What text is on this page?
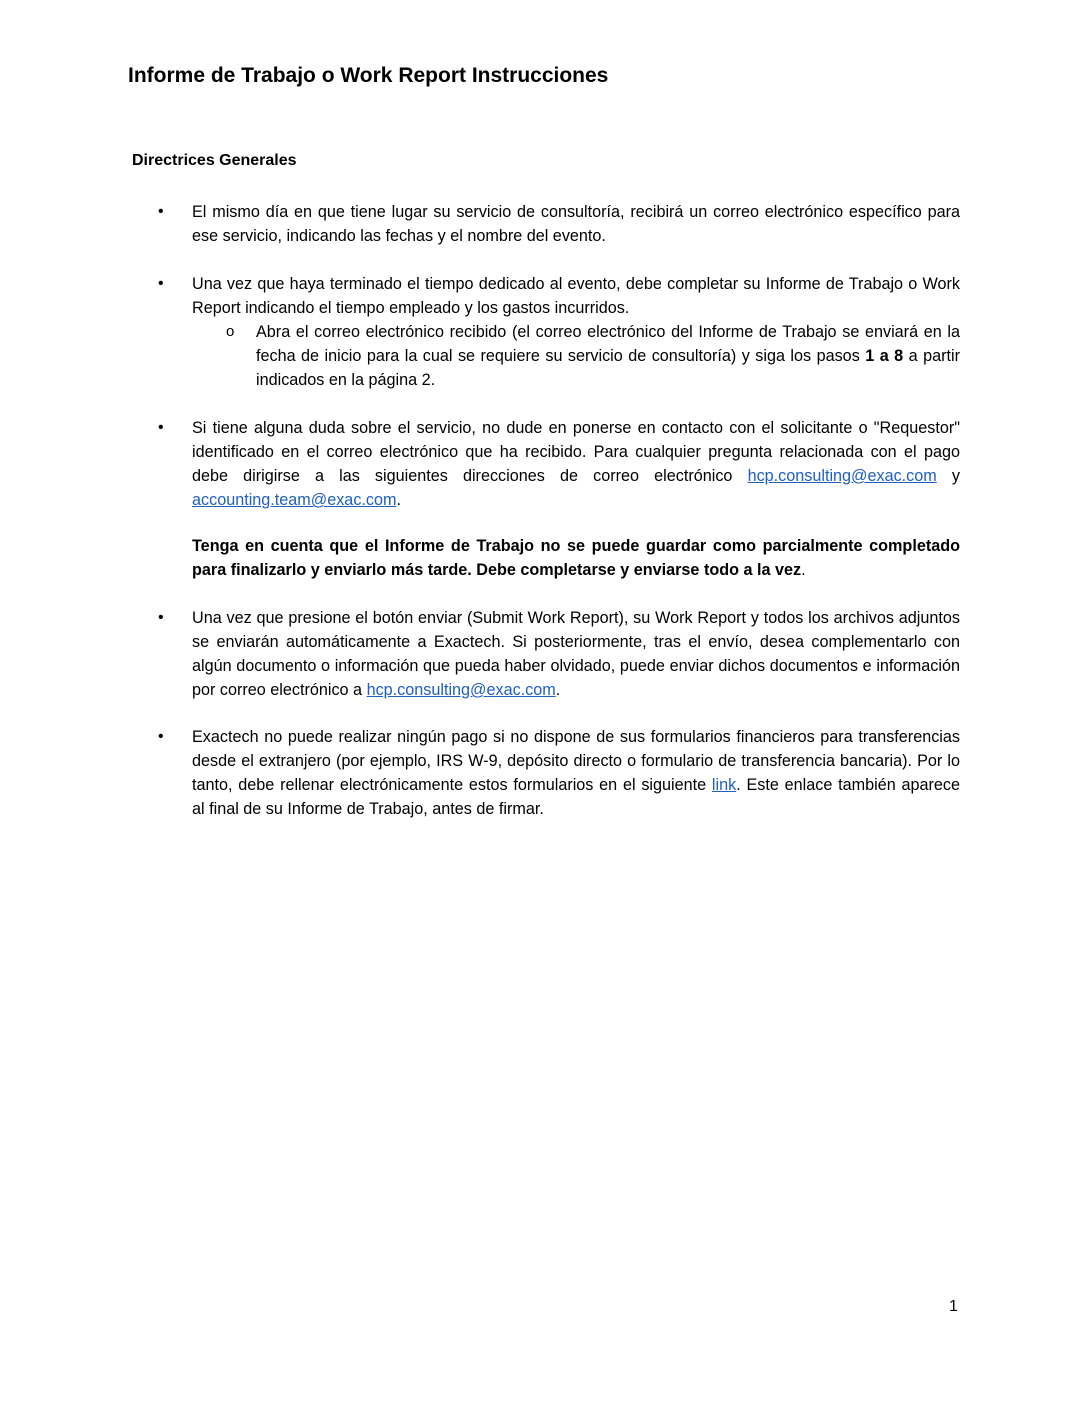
Informe de Trabajo o Work Report Instrucciones
Directrices Generales
• El mismo día en que tiene lugar su servicio de consultoría, recibirá un correo electrónico específico para ese servicio, indicando las fechas y el nombre del evento.

• Una vez que haya terminado el tiempo dedicado al evento, debe completar su Informe de Trabajo o Work Report indicando el tiempo empleado y los gastos incurridos.

o Abra el correo electrónico recibido (el correo electrónico del Informe de Trabajo se enviará en la fecha de inicio para la cual se requiere su servicio de consultoría) y siga los pasos 1 a 8 a partir indicados en la página 2.

• Si tiene alguna duda sobre el servicio, no dude en ponerse en contacto con el solicitante o "Requestor" identificado en el correo electrónico que ha recibido. Para cualquier pregunta relacionada con el pago debe dirigirse a las siguientes direcciones de correo electrónico hcp.consulting@exac.com y accounting.team@exac.com.

Tenga en cuenta que el Informe de Trabajo no se puede guardar como parcialmente completado para finalizarlo y enviarlo más tarde. Debe completarse y enviarse todo a la vez.

• Una vez que presione el botón enviar (Submit Work Report), su Work Report y todos los archivos adjuntos se enviarán automáticamente a Exactech. Si posteriormente, tras el envío, desea complementarlo con algún documento o información que pueda haber olvidado, puede enviar dichos documentos e información por correo electrónico a hcp.consulting@exac.com.

• Exactech no puede realizar ningún pago si no dispone de sus formularios financieros para transferencias desde el extranjero (por ejemplo, IRS W-9, depósito directo o formulario de transferencia bancaria). Por lo tanto, debe rellenar electrónicamente estos formularios en el siguiente link. Este enlace también aparece al final de su Informe de Trabajo, antes de firmar.

1
